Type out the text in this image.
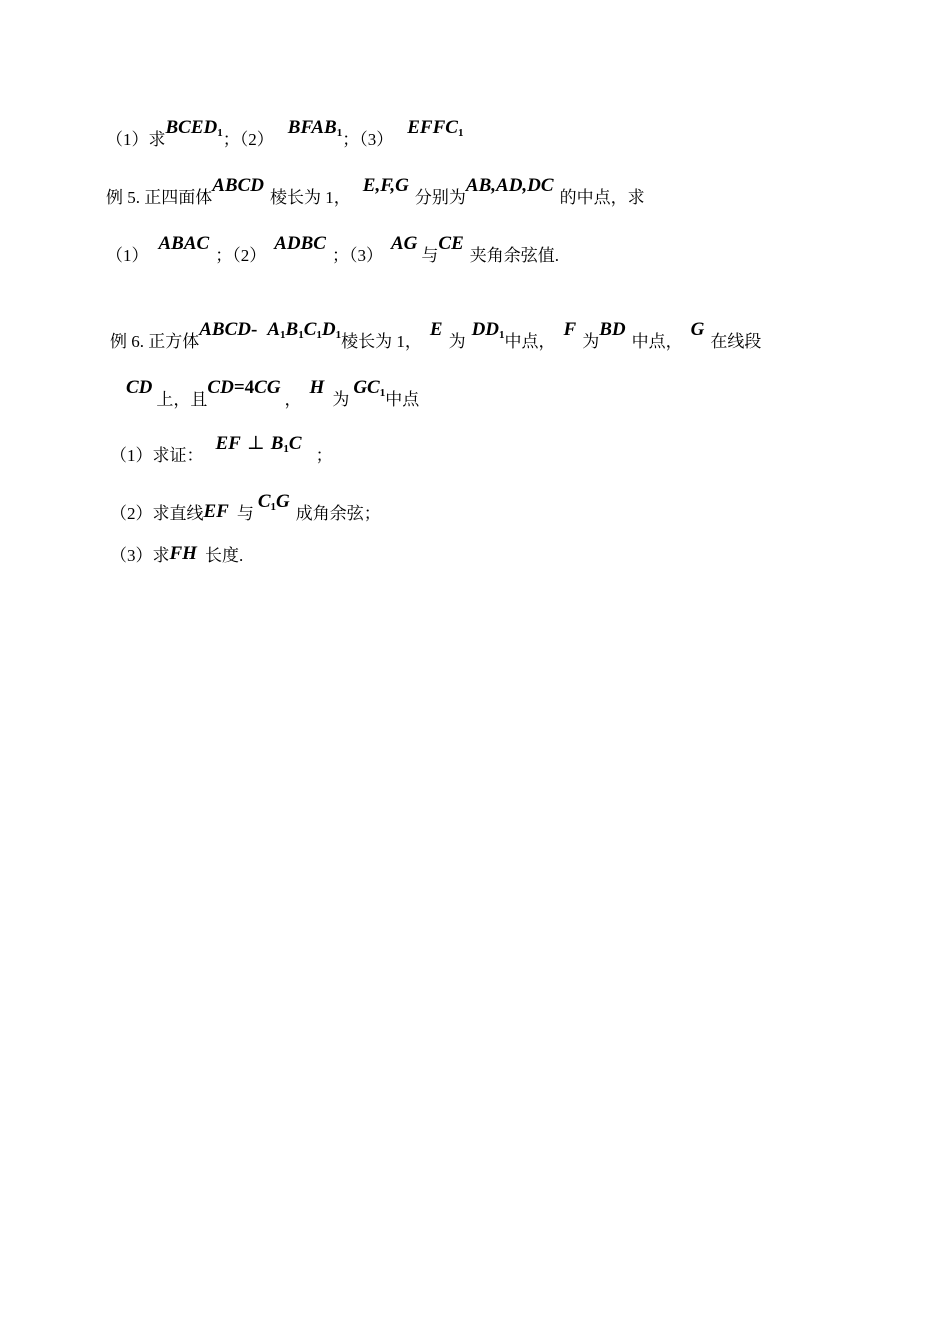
（1）求$BCED_1$；$(2)BFAB_1$；$(3)EFFC_1$
例 5. 正四面体ABCD棱长为 1，E,F,G分别为AB,AD,DC的中点，求
（1）ABAC；（2）ADBC；（3）AG与CE夹角余弦值.
例 6. 正方体ABCD- $A_1B_1C_1D_1$棱长为 1，E为$DD_1$中点，F为BD中点，G在线段
CD上，且CD=4CG，H为$GC_1$中点
（1）求证：EF ⊥ $B_1C$；
（2）求直线EF 与$C_1G$成角余弦；
（3）求FH 长度.
